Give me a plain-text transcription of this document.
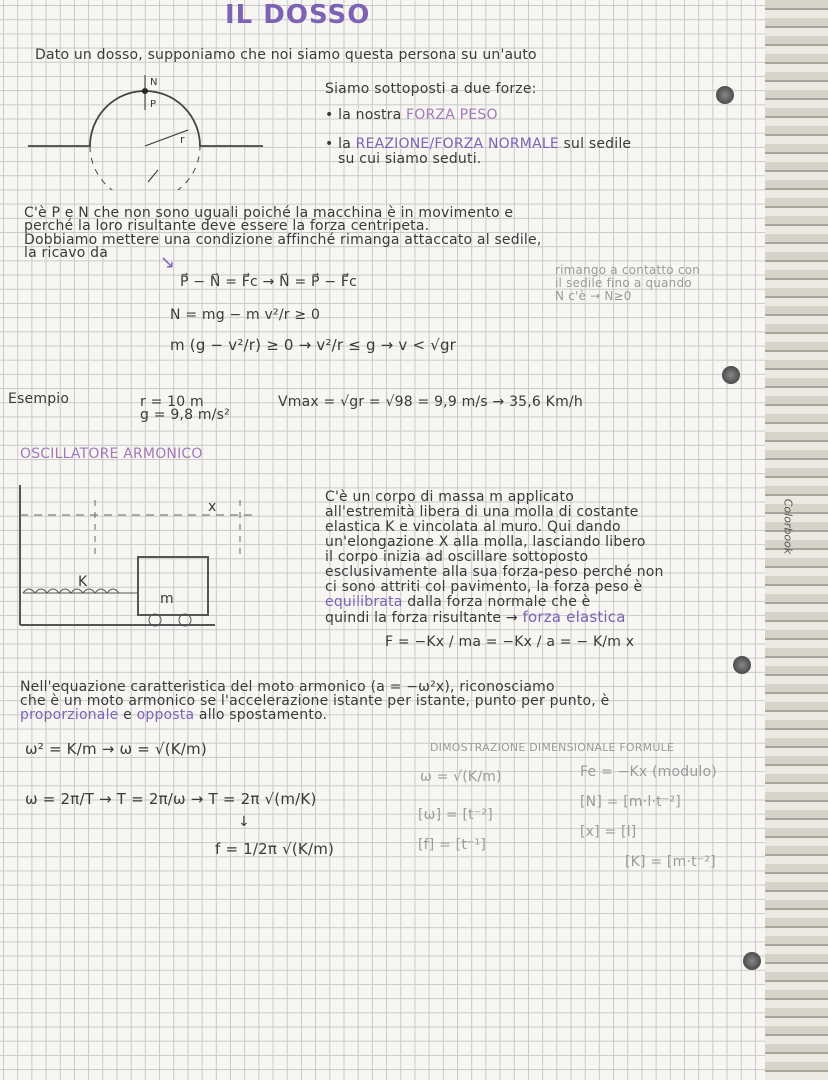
Colorbook
IL DOSSO
Dato un dosso, supponiamo che noi siamo questa persona su un'auto
N
P
r
Siamo sottoposti a due forze:
• la nostra FORZA PESO
• la REAZIONE/FORZA NORMALE sul sedile
su cui siamo seduti.
C'è P e N che non sono uguali poiché la macchina è in movimento e
perché la loro risultante deve essere la forza centripeta.
Dobbiamo mettere una condizione affinché rimanga attaccato al sedile,
la ricavo da	↘
P⃗ − N⃗ = F⃗c → N⃗ = P⃗ − F⃗c
N = mg − m v²/r ≥ 0
m (g − v²/r) ≥ 0 → v²/r ≤ g → v < √gr
rimango a contatto con
il sedile fino a quando
N c'è → N≥0
Esempio	r = 10 m
g = 9,8 m/s²
Vmax = √gr = √98 = 9,9 m/s → 35,6 Km/h
OSCILLATORE ARMONICO
x
K
m
C'è un corpo di massa m applicato
all'estremità libera di una molla di costante
elastica K e vincolata al muro. Qui dando
un'elongazione X alla molla, lasciando libero
il corpo inizia ad oscillare sottoposto
esclusivamente alla sua forza-peso perché non
ci sono attriti col pavimento, la forza peso è
equilibrata dalla forza normale che è
quindi la forza risultante → forza elastica
F = −Kx / ma = −Kx / a = − K/m x
Nell'equazione caratteristica del moto armonico (a = −ω²x), riconosciamo
che è un moto armonico se l'accelerazione istante per istante, punto per punto, è
proporzionale e opposta allo spostamento.
ω² = K/m → ω = √(K/m)
ω = 2π/T → T = 2π/ω → T = 2π √(m/K)
↓
f = 1/2π √(K/m)
DIMOSTRAZIONE DIMENSIONALE FORMULE
ω = √(K/m)
[ω] = [t⁻²]
[f] = [t⁻¹]
Fe = −Kx (modulo)
[N] = [m·l·t⁻²]
[x] = [l]
[K] = [m·t⁻²]
